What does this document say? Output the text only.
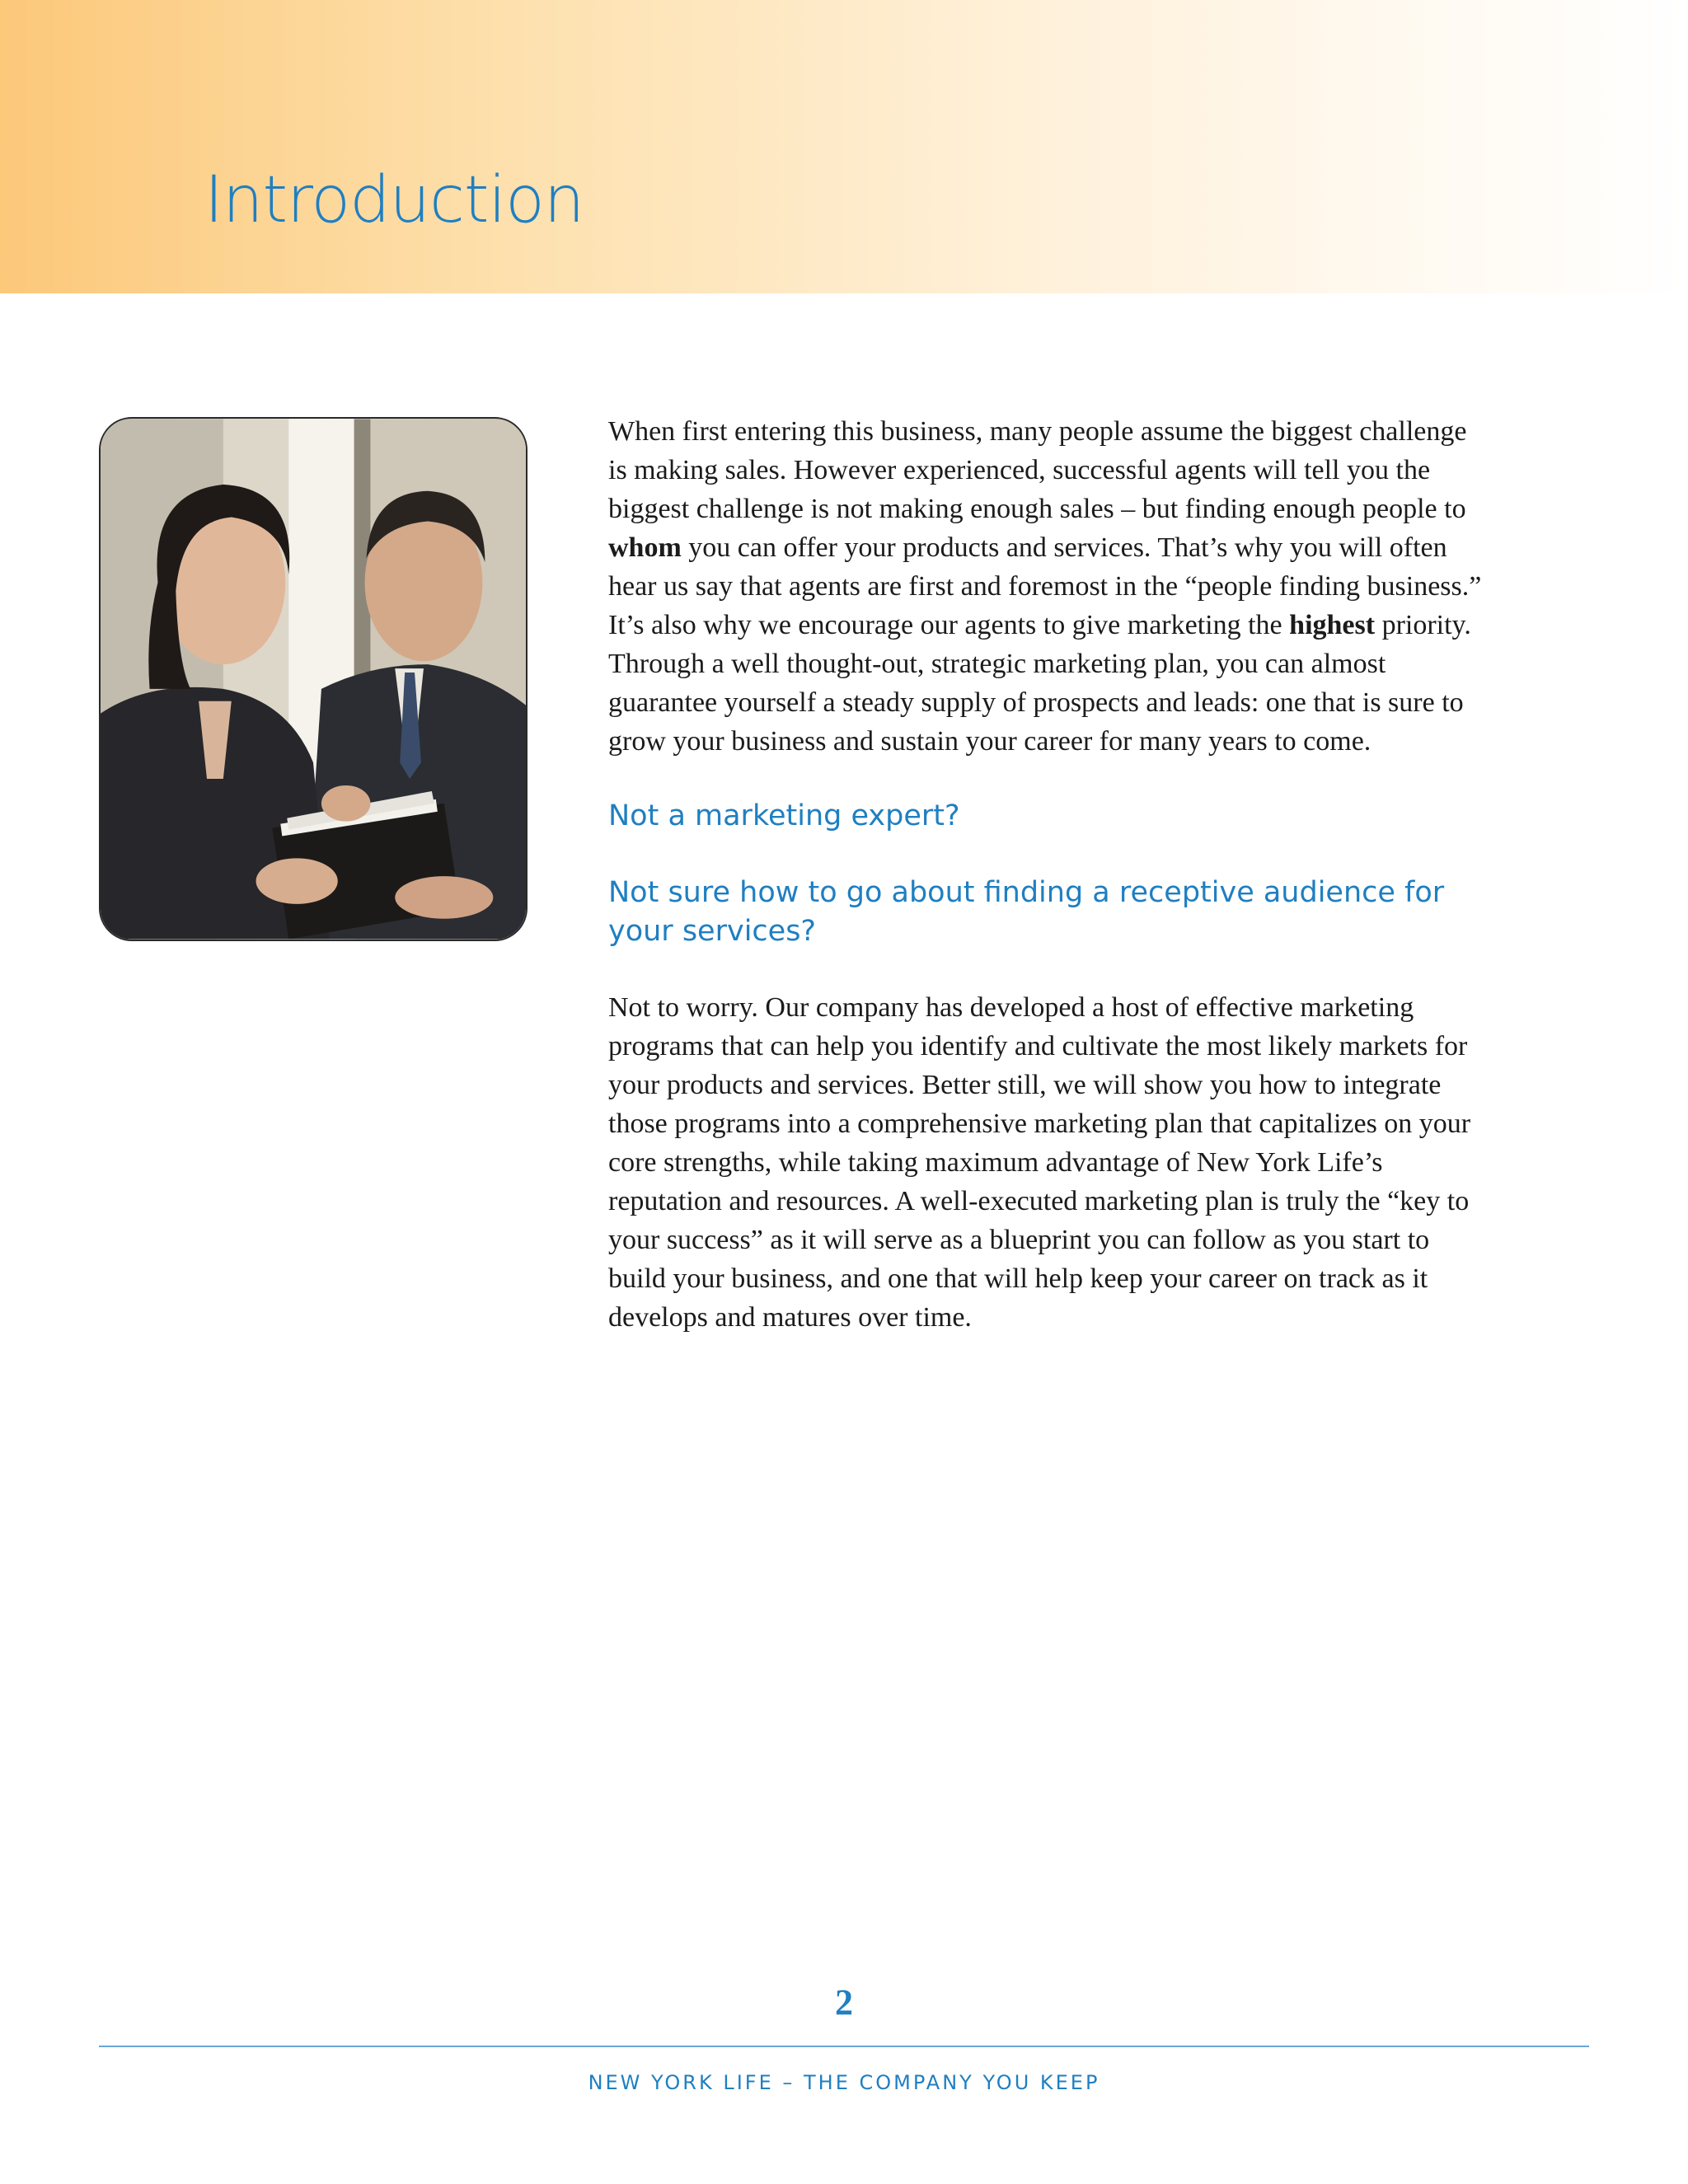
Introduction

When first entering this business, many people assume the biggest challenge is making sales. However experienced, successful agents will tell you the biggest challenge is not making enough sales – but finding enough people to whom you can offer your products and services. That’s why you will often hear us say that agents are first and foremost in the “people finding business.” It’s also why we encourage our agents to give marketing the highest priority. Through a well thought-out, strategic marketing plan, you can almost guarantee yourself a steady supply of prospects and leads: one that is sure to grow your business and sustain your career for many years to come.

Not a marketing expert?
Not sure how to go about finding a receptive audience for your services?

Not to worry. Our company has developed a host of effective marketing programs that can help you identify and cultivate the most likely markets for your products and services. Better still, we will show you how to integrate those programs into a comprehensive marketing plan that capitalizes on your core strengths, while taking maximum advantage of New York Life’s reputation and resources. A well-executed marketing plan is truly the “key to your success” as it will serve as a blueprint you can follow as you start to build your business, and one that will help keep your career on track as it develops and matures over time.

2
NEW YORK LIFE – THE COMPANY YOU KEEP
